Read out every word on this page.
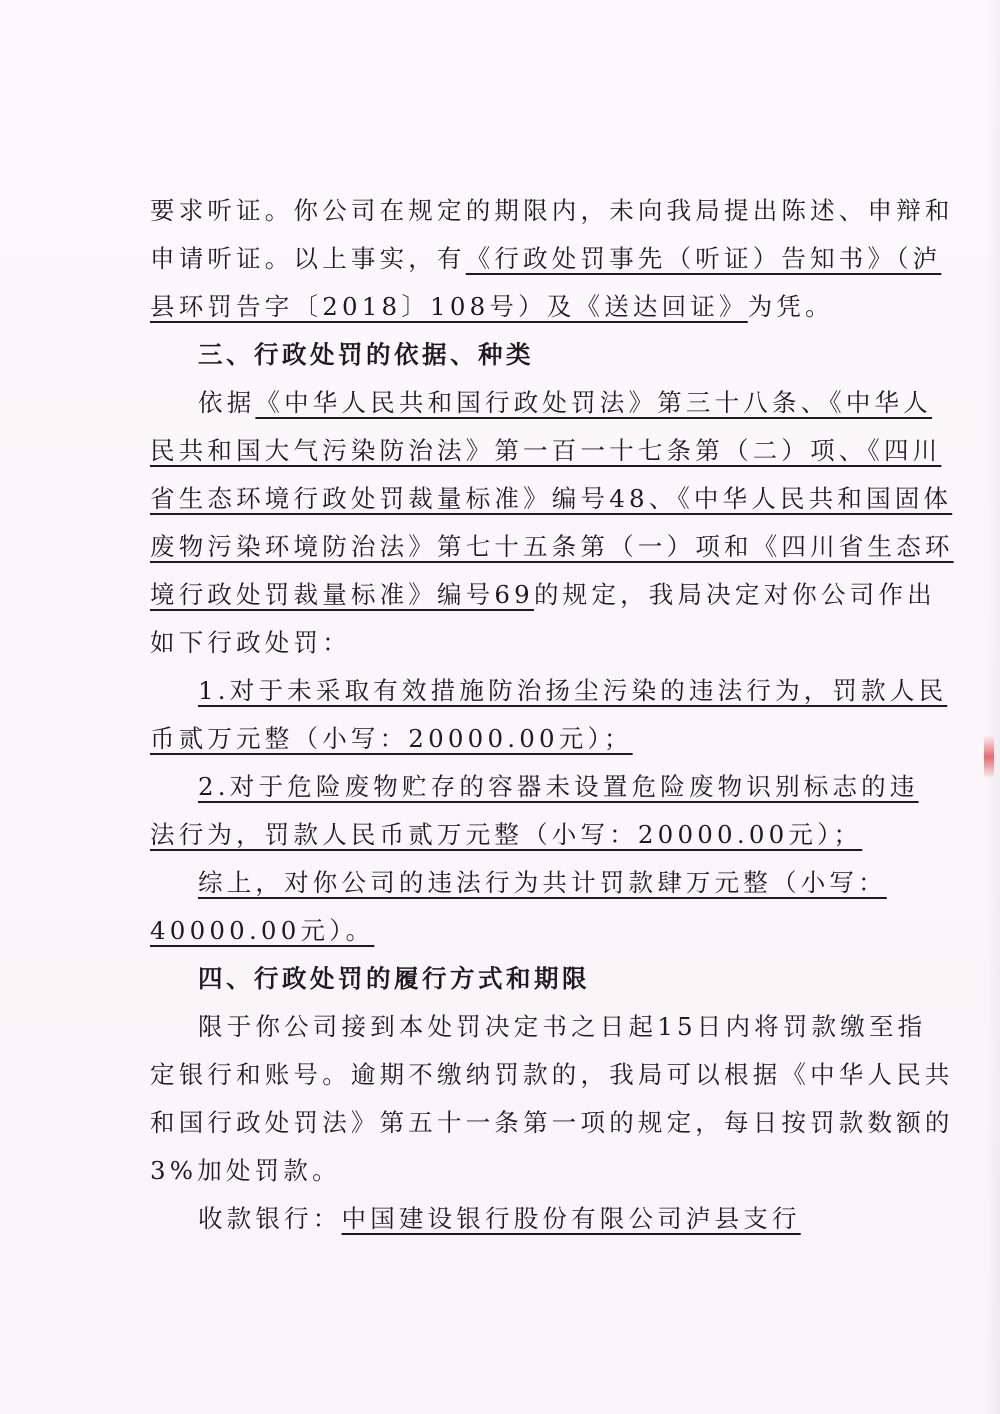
要求听证。你公司在规定的期限内，未向我局提出陈述、申辩和
申请听证。以上事实，有《行政处罚事先（听证）告知书》（泸
县环罚告字〔2018〕108号）及《送达回证》为凭。
三、行政处罚的依据、种类
依据《中华人民共和国行政处罚法》第三十八条、《中华人
民共和国大气污染防治法》第一百一十七条第（二）项、《四川
省生态环境行政处罚裁量标准》编号48、《中华人民共和国固体
废物污染环境防治法》第七十五条第（一）项和《四川省生态环
境行政处罚裁量标准》编号69的规定，我局决定对你公司作出
如下行政处罚：
1.对于未采取有效措施防治扬尘污染的违法行为，罚款人民
币贰万元整（小写：20000.00元）；
2.对于危险废物贮存的容器未设置危险废物识别标志的违
法行为，罚款人民币贰万元整（小写：20000.00元）；
综上，对你公司的违法行为共计罚款肆万元整（小写：
40000.00元）。
四、行政处罚的履行方式和期限
限于你公司接到本处罚决定书之日起15日内将罚款缴至指
定银行和账号。逾期不缴纳罚款的，我局可以根据《中华人民共
和国行政处罚法》第五十一条第一项的规定，每日按罚款数额的
3%加处罚款。
收款银行：中国建设银行股份有限公司泸县支行
